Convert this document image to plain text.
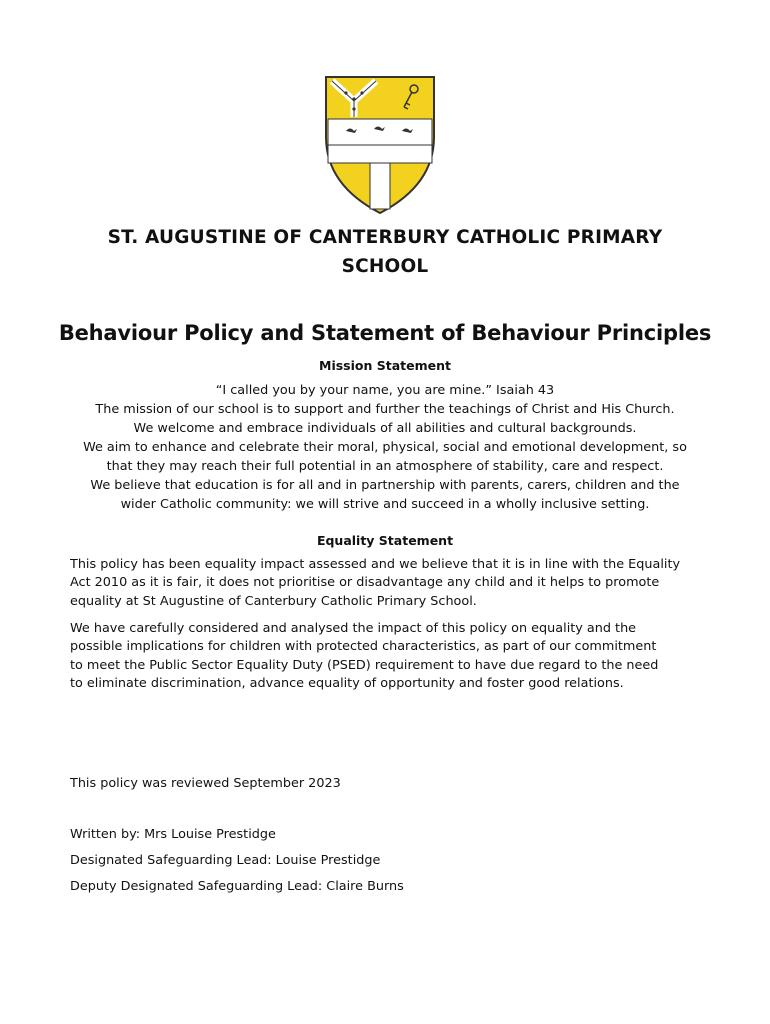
ST. AUGUSTINE OF CANTERBURY CATHOLIC PRIMARY
SCHOOL
Behaviour Policy and Statement of Behaviour Principles
Mission Statement
“I called you by your name, you are mine.” Isaiah 43
The mission of our school is to support and further the teachings of Christ and His Church.
We welcome and embrace individuals of all abilities and cultural backgrounds.
We aim to enhance and celebrate their moral, physical, social and emotional development, so
that they may reach their full potential in an atmosphere of stability, care and respect.
We believe that education is for all and in partnership with parents, carers, children and the
wider Catholic community: we will strive and succeed in a wholly inclusive setting.
Equality Statement
This policy has been equality impact assessed and we believe that it is in line with the Equality
Act 2010 as it is fair, it does not prioritise or disadvantage any child and it helps to promote
equality at St Augustine of Canterbury Catholic Primary School.
We have carefully considered and analysed the impact of this policy on equality and the
possible implications for children with protected characteristics, as part of our commitment
to meet the Public Sector Equality Duty (PSED) requirement to have due regard to the need
to eliminate discrimination, advance equality of opportunity and foster good relations.
This policy was reviewed September 2023
Written by: Mrs Louise Prestidge
Designated Safeguarding Lead: Louise Prestidge
Deputy Designated Safeguarding Lead: Claire Burns
